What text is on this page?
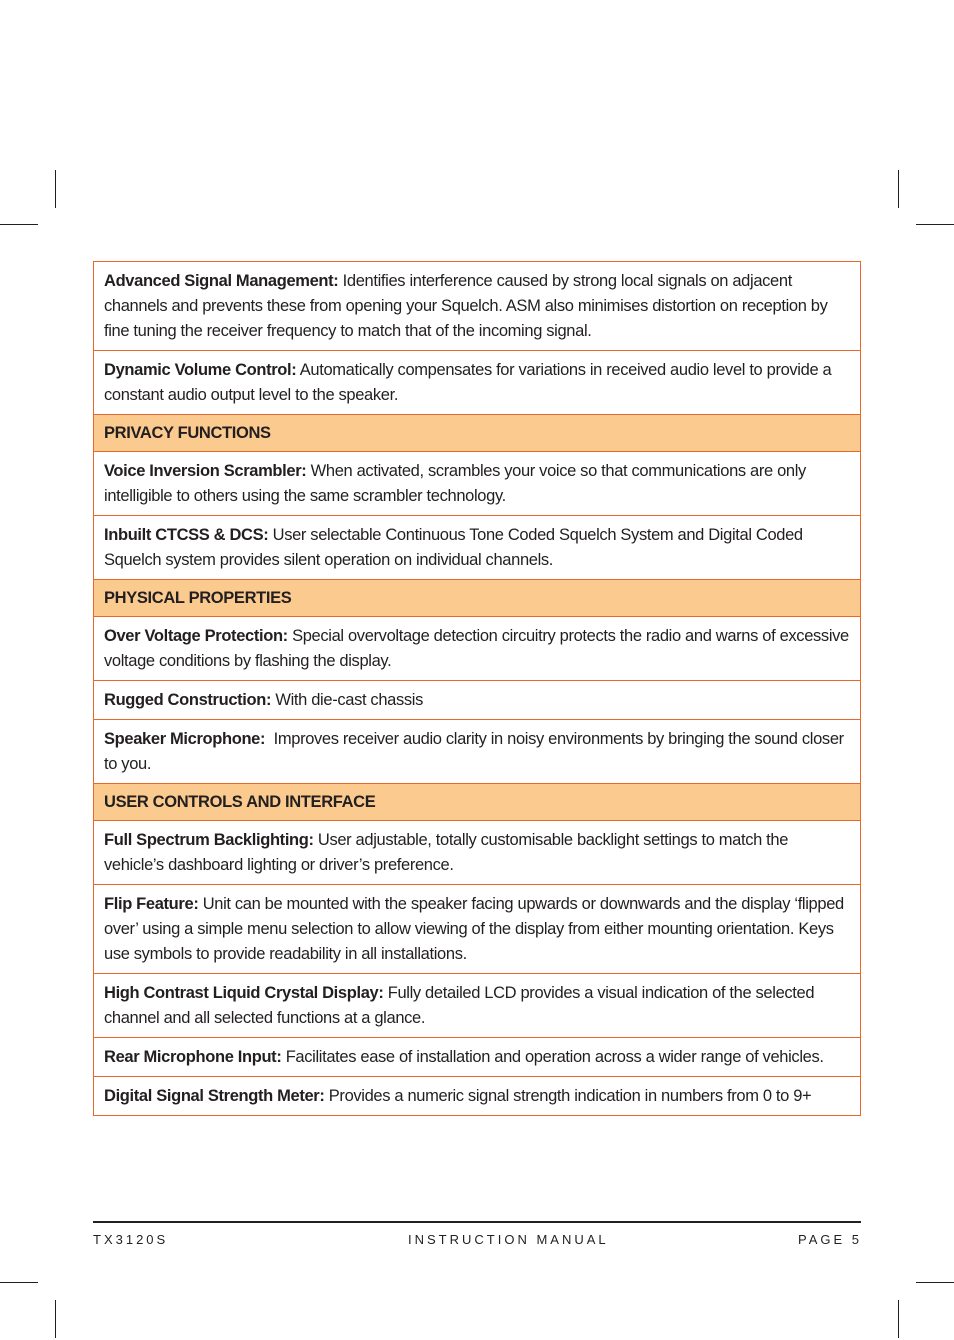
Advanced Signal Management: Identifies interference caused by strong local signals on adjacent channels and prevents these from opening your Squelch. ASM also minimises distortion on reception by fine tuning the receiver frequency to match that of the incoming signal.
Dynamic Volume Control: Automatically compensates for variations in received audio level to provide a constant audio output level to the speaker.
PRIVACY FUNCTIONS
Voice Inversion Scrambler: When activated, scrambles your voice so that communications are only intelligible to others using the same scrambler technology.
Inbuilt CTCSS & DCS: User selectable Continuous Tone Coded Squelch System and Digital Coded Squelch system provides silent operation on individual channels.
PHYSICAL PROPERTIES
Over Voltage Protection: Special overvoltage detection circuitry protects the radio and warns of excessive voltage conditions by flashing the display.
Rugged Construction: With die-cast chassis
Speaker Microphone:  Improves receiver audio clarity in noisy environments by bringing the sound closer to you.
USER CONTROLS AND INTERFACE
Full Spectrum Backlighting: User adjustable, totally customisable backlight settings to match the vehicle’s dashboard lighting or driver’s preference.
Flip Feature: Unit can be mounted with the speaker facing upwards or downwards and the display ‘flipped over’ using a simple menu selection to allow viewing of the display from either mounting orientation. Keys use symbols to provide readability in all installations.
High Contrast Liquid Crystal Display: Fully detailed LCD provides a visual indication of the selected channel and all selected functions at a glance.
Rear Microphone Input: Facilitates ease of installation and operation across a wider range of vehicles.
Digital Signal Strength Meter: Provides a numeric signal strength indication in numbers from 0 to 9+
TX3120S	INSTRUCTION MANUAL	PAGE 5
